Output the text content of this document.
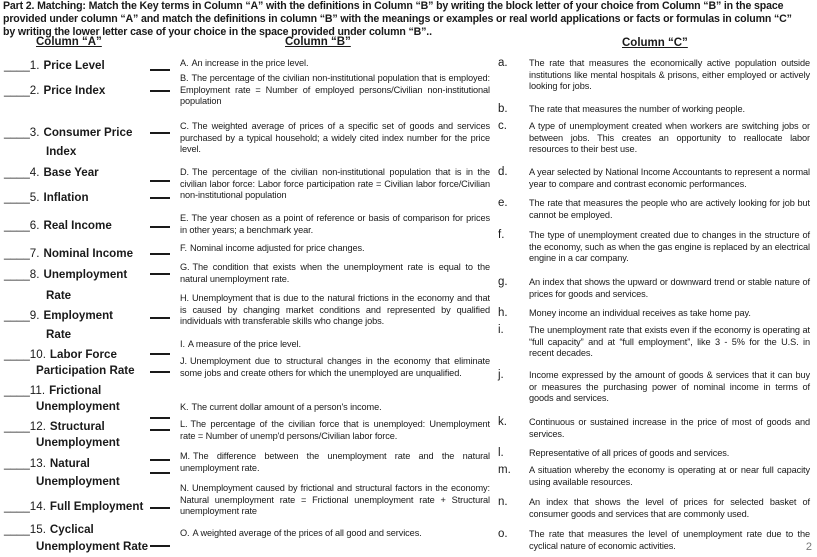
Part 2. Matching: Match the Key terms in Column “A” with the definitions in Column “B” by writing the block letter of your choice from Column “B” in the space
provided under column “A” and match the definitions in column “B” with the meanings or examples or real world applications or facts or formulas in column “C”
by writing the lower letter case of your choice in the space provided under column “B”..
Column “A”	Column “B”	Column “C”
____1. Price Level
____2. Price Index
____3. Consumer Price
Index
____4. Base Year
____5. Inflation
____6. Real Income
____7. Nominal Income
____8. Unemployment
Rate
____9. Employment
Rate
____10. Labor Force
Participation Rate
____11. Frictional
Unemployment
____12. Structural
Unemployment
____13. Natural
Unemployment
____14. Full Employment
____15. Cyclical
Unemployment Rate
A. An increase in the price level.
B. The percentage of the civilian non-institutional population that is employed: Employment rate = Number of employed persons/Civilian non-institutional population
C. The weighted average of prices of a specific set of goods and services purchased by a typical household; a widely cited index number for the price level.
D. The percentage of the civilian non-institutional population that is in the civilian labor force: Labor force participation rate = Civilian labor force/Civilian non-institutional population
E. The year chosen as a point of reference or basis of comparison for prices in other years; a benchmark year.
F. Nominal income adjusted for price changes.
G. The condition that exists when the unemployment rate is equal to the natural unemployment rate.
H. Unemployment that is due to the natural frictions in the economy and that is caused by changing market conditions and represented by qualified individuals with transferable skills who change jobs.
I. A measure of the price level.
J. Unemployment due to structural changes in the economy that eliminate some jobs and create others for which the unemployed are unqualified.
K. The current dollar amount of a person's income.
L. The percentage of the civilian force that is unemployed: Unemployment rate = Number of unemp'd persons/Civilian labor force.
M. The difference between the unemployment rate and the natural unemployment rate.
N. Unemployment caused by frictional and structural factors in the economy: Natural unemployment rate = Frictional unemployment rate + Structural unemployment rate
O. A weighted average of the prices of all good and services.
a. The rate that measures the economically active population outside institutions like mental hospitals & prisons, either employed or actively looking for jobs.
b. The rate that measures the number of working people.
c. A type of unemployment created when workers are switching jobs or between jobs. This creates an opportunity to reallocate labor resources to their best use.
d. A year selected by National Income Accountants to represent a normal year to compare and contrast economic performances.
e. The rate that measures the people who are actively looking for job but cannot be employed.
f.	The type of unemployment created due to changes in the structure of the economy, such as when the gas engine is replaced by an electrical engine in a car company.
g. An index that shows the upward or downward trend or stable nature of prices for goods and services.
h. Money income an individual receives as take home pay.
i.	The unemployment rate that exists even if the economy is operating at “full capacity” and at “full employment”, like 3 - 5% for the U.S. in recent decades.
j.	Income expressed by the amount of goods & services that it can buy or measures the purchasing power of nominal income in terms of goods and services.
k. Continuous or sustained increase in the price of most of goods and services.
l.	Representative of all prices of goods and services.
m. A situation whereby the economy is operating at or near full capacity using available resources.
n. An index that shows the level of prices for selected basket of consumer goods and services that are commonly used.
o. The rate that measures the level of unemployment rate due to the cyclical nature of economic activities.	2
